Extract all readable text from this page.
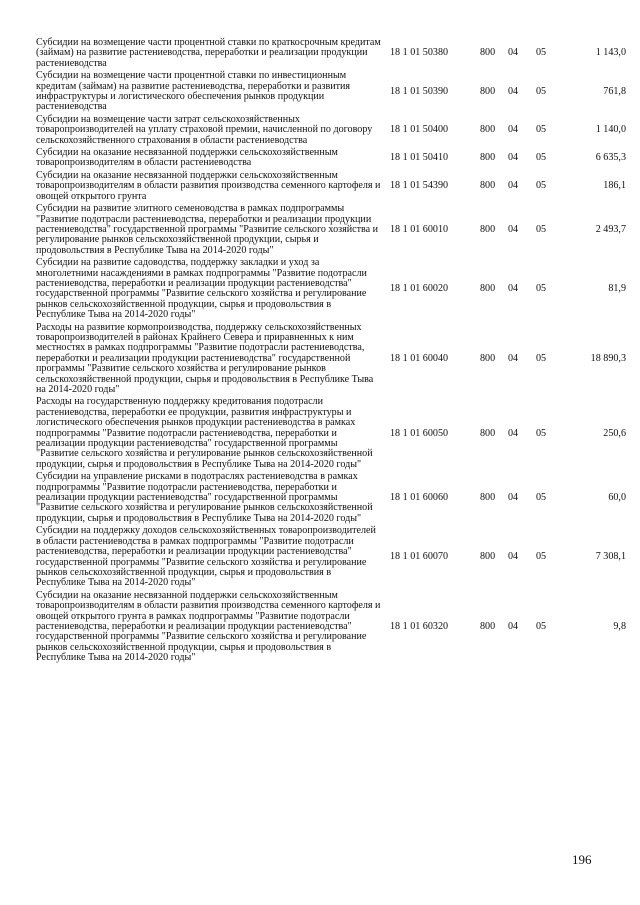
Субсидии на возмещение части процентной ставки по краткосрочным кредитам (займам) на развитие растениеводства, переработки и реализации продукции растениеводства	18 1 01 50380	800	04	05	1 143,0
Субсидии на возмещение части процентной ставки по инвестиционным кредитам (займам) на развитие растениеводства, переработки и развития инфраструктуры и логистического обеспечения рынков продукции растениеводства	18 1 01 50390	800	04	05	761,8
Субсидии на возмещение части затрат сельскохозяйственных товаропроизводителей на уплату страховой премии, начисленной по договору сельскохозяйственного страхования в области растениеводства	18 1 01 50400	800	04	05	1 140,0
Субсидии на оказание несвязанной поддержки сельскохозяйственным товаропроизводителям в области растениеводства	18 1 01 50410	800	04	05	6 635,3
Субсидии на оказание несвязанной поддержки сельскохозяйственным товаропроизводителям в области развития производства семенного картофеля и овощей открытого грунта	18 1 01 54390	800	04	05	186,1
Субсидии на развитие элитного семеноводства в рамках подпрограммы "Развитие подотрасли растениеводства, переработки и реализации продукции растениеводства" государственной программы "Развитие сельского хозяйства и регулирование рынков сельскохозяйственной продукции, сырья и продовольствия в Республике Тыва на 2014-2020 годы"	18 1 01 60010	800	04	05	2 493,7
Субсидии на развитие садоводства, поддержку закладки и уход за многолетними насаждениями в рамках подпрограммы "Развитие подотрасли растениеводства, переработки и реализации продукции растениеводства" государственной программы "Развитие сельского хозяйства и регулирование рынков сельскохозяйственной продукции, сырья и продовольствия в Республике Тыва на 2014-2020 годы"	18 1 01 60020	800	04	05	81,9
Расходы на развитие кормопроизводства, поддержку сельскохозяйственных товаропроизводителей в районах Крайнего Севера и приравненных к ним местностях в рамках подпрограммы "Развитие подотрасли растениеводства, переработки и реализации продукции растениеводства" государственной программы "Развитие сельского хозяйства и регулирование рынков сельскохозяйственной продукции, сырья и продовольствия в Республике Тыва на 2014-2020 годы"	18 1 01 60040	800	04	05	18 890,3
Расходы на государственную поддержку кредитования подотрасли растениеводства, переработки ее продукции, развития инфраструктуры и логистического обеспечения рынков продукции растениеводства в рамках подпрограммы "Развитие подотрасли растениеводства, переработки и реализации продукции растениеводства" государственной программы "Развитие сельского хозяйства и регулирование рынков сельскохозяйственной продукции, сырья и продовольствия в Республике Тыва на 2014-2020 годы"	18 1 01 60050	800	04	05	250,6
Субсидии на управление рисками в подотраслях растениеводства в рамках подпрограммы "Развитие подотрасли растениеводства, переработки и реализации продукции растениеводства" государственной программы "Развитие сельского хозяйства и регулирование рынков сельскохозяйственной продукции, сырья и продовольствия в Республике Тыва на 2014-2020 годы"	18 1 01 60060	800	04	05	60,0
Субсидии на поддержку доходов сельскохозяйственных товаропроизводителей в области растениеводства в рамках подпрограммы "Развитие подотрасли растениеводства, переработки и реализации продукции растениеводства" государственной программы "Развитие сельского хозяйства и регулирование рынков сельскохозяйственной продукции, сырья и продовольствия в Республике Тыва на 2014-2020 годы"	18 1 01 60070	800	04	05	7 308,1
Субсидии на оказание несвязанной поддержки сельскохозяйственным товаропроизводителям в области развития производства семенного картофеля и овощей открытого грунта в рамках подпрограммы "Развитие подотрасли растениеводства, переработки и реализации продукции растениеводства" государственной программы "Развитие сельского хозяйства и регулирование рынков сельскохозяйственной продукции, сырья и продовольствия в Республике Тыва на 2014-2020 годы"	18 1 01 60320	800	04	05	9,8
196
